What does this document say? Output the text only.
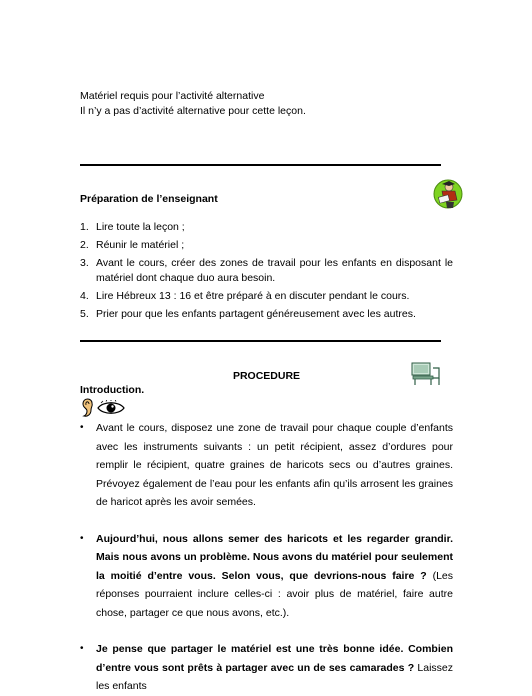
Matériel requis pour l’activité alternative
Il n’y a pas d’activité alternative pour cette leçon.
Préparation de l’enseignant
1. Lire toute la leçon ;
2. Réunir le matériel ;
3. Avant le cours, créer des zones de travail pour les enfants en disposant le matériel dont chaque duo aura besoin.
4. Lire Hébreux 13 : 16 et être préparé à en discuter pendant le cours.
5. Prier pour que les enfants partagent généreusement avec les autres.
PROCEDURE
Introduction.
• Avant le cours, disposez une zone de travail pour chaque couple d’enfants avec les instruments suivants : un petit récipient, assez d’ordures pour remplir le récipient, quatre graines de haricots secs ou d’autres graines. Prévoyez également de l’eau pour les enfants afin qu’ils arrosent les graines de haricot après les avoir semées.
• Aujourd’hui, nous allons semer des haricots et les regarder grandir. Mais nous avons un problème. Nous avons du matériel pour seulement la moitié d’entre vous. Selon vous, que devrions-nous faire ? (Les réponses pourraient inclure celles-ci : avoir plus de matériel, faire autre chose, partager ce que nous avons, etc.).
• Je pense que partager le matériel est une très bonne idée. Combien d’entre vous sont prêts à partager avec un de ses camarades ? Laissez les enfants
